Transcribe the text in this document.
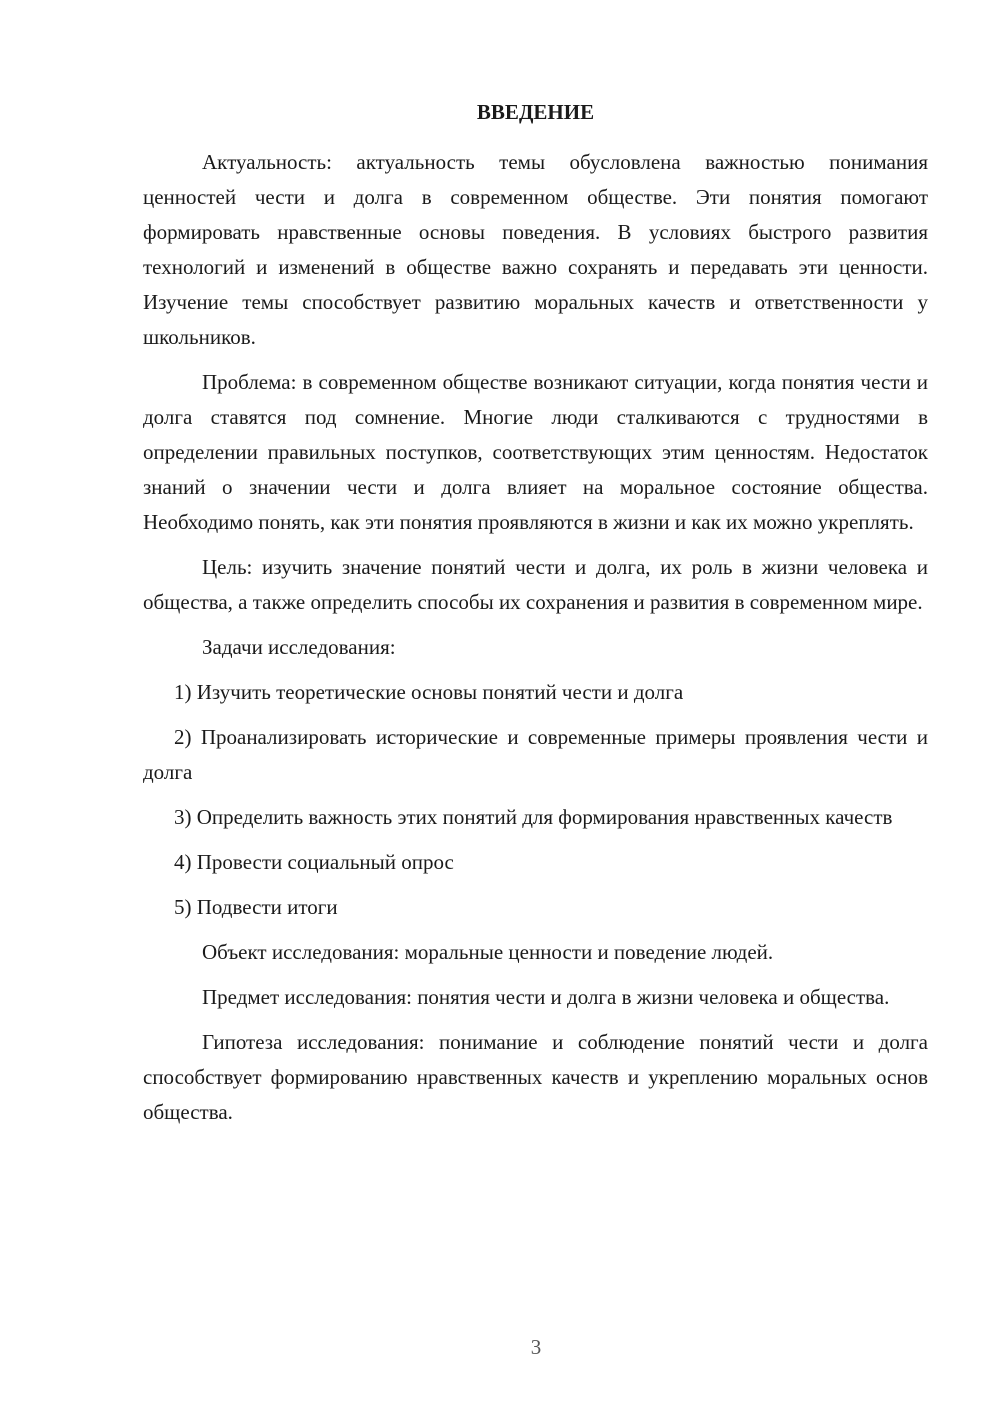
ВВЕДЕНИЕ

Актуальность: актуальность темы обусловлена важностью понимания ценностей чести и долга в современном обществе. Эти понятия помогают формировать нравственные основы поведения. В условиях быстрого развития технологий и изменений в обществе важно сохранять и передавать эти ценности. Изучение темы способствует развитию моральных качеств и ответственности у школьников.

Проблема: в современном обществе возникают ситуации, когда понятия чести и долга ставятся под сомнение. Многие люди сталкиваются с трудностями в определении правильных поступков, соответствующих этим ценностям. Недостаток знаний о значении чести и долга влияет на моральное состояние общества. Необходимо понять, как эти понятия проявляются в жизни и как их можно укреплять.

Цель: изучить значение понятий чести и долга, их роль в жизни человека и общества, а также определить способы их сохранения и развития в современном мире.

Задачи исследования:

1) Изучить теоретические основы понятий чести и долга

2) Проанализировать исторические и современные примеры проявления чести и долга

3) Определить важность этих понятий для формирования нравственных качеств

4) Провести социальный опрос

5) Подвести итоги

Объект исследования: моральные ценности и поведение людей.

Предмет исследования: понятия чести и долга в жизни человека и общества.

Гипотеза исследования: понимание и соблюдение понятий чести и долга способствует формированию нравственных качеств и укреплению моральных основ общества.

3
